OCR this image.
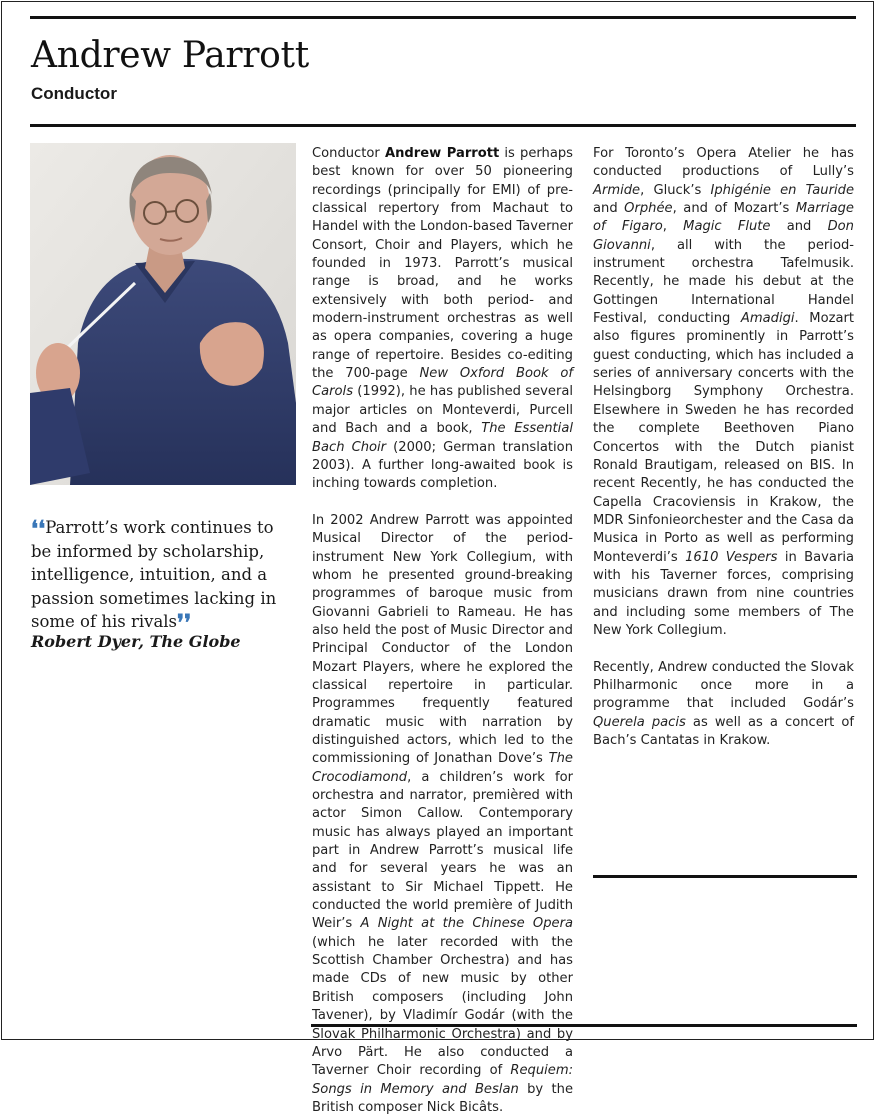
Andrew Parrott
Conductor

❛❛Parrott’s work continues to be informed by scholarship, intelligence, intuition, and a passion sometimes lacking in some of his rivals❜❜

Robert Dyer, The Globe

Conductor Andrew Parrott is perhaps best known for over 50 pioneering recordings (principally for EMI) of pre-classical repertory from Machaut to Handel with the London-based Taverner Consort, Choir and Players, which he founded in 1973. Parrott’s musical range is broad, and he works extensively with both period- and modern-instrument orchestras as well as opera companies, covering a huge range of repertoire. Besides co-editing the 700-page New Oxford Book of Carols (1992), he has published several major articles on Monteverdi, Purcell and Bach and a book, The Essential Bach Choir (2000; German translation 2003). A further long-awaited book is inching towards completion.

In 2002 Andrew Parrott was appointed Musical Director of the period-instrument New York Collegium, with whom he presented ground-breaking programmes of baroque music from Giovanni Gabrieli to Rameau. He has also held the post of Music Director and Principal Conductor of the London Mozart Players, where he explored the classical repertoire in particular. Programmes frequently featured dramatic music with narration by distinguished actors, which led to the commissioning of Jonathan Dove’s The Crocodiamond, a children’s work for orchestra and narrator, premièred with actor Simon Callow. Contemporary music has always played an important part in Andrew Parrott’s musical life and for several years he was an assistant to Sir Michael Tippett. He conducted the world première of Judith Weir’s A Night at the Chinese Opera (which he later recorded with the Scottish Chamber Orchestra) and has made CDs of new music by other British composers (including John Tavener), by Vladimír Godár (with the Slovak Philharmonic Orchestra) and by Arvo Pärt. He also conducted a Taverner Choir recording of Requiem: Songs in Memory and Beslan by the British composer Nick Bicâts.

For Toronto’s Opera Atelier he has conducted productions of Lully’s Armide, Gluck’s Iphigénie en Tauride and Orphée, and of Mozart’s Marriage of Figaro, Magic Flute and Don Giovanni, all with the period-instrument orchestra Tafelmusik. Recently, he made his debut at the Gottingen International Handel Festival, conducting Amadigi. Mozart also figures prominently in Parrott’s guest conducting, which has included a series of anniversary concerts with the Helsingborg Symphony Orchestra. Elsewhere in Sweden he has recorded the complete Beethoven Piano Concertos with the Dutch pianist Ronald Brautigam, released on BIS. In recent Recently, he has conducted the Capella Cracoviensis in Krakow, the MDR Sinfonieorchester and the Casa da Musica in Porto as well as performing Monteverdi’s 1610 Vespers in Bavaria with his Taverner forces, comprising musicians drawn from nine countries and including some members of The New York Collegium.

Recently, Andrew conducted the Slovak Philharmonic once more in a programme that included Godár’s Querela pacis as well as a concert of Bach’s Cantatas in Krakow.
